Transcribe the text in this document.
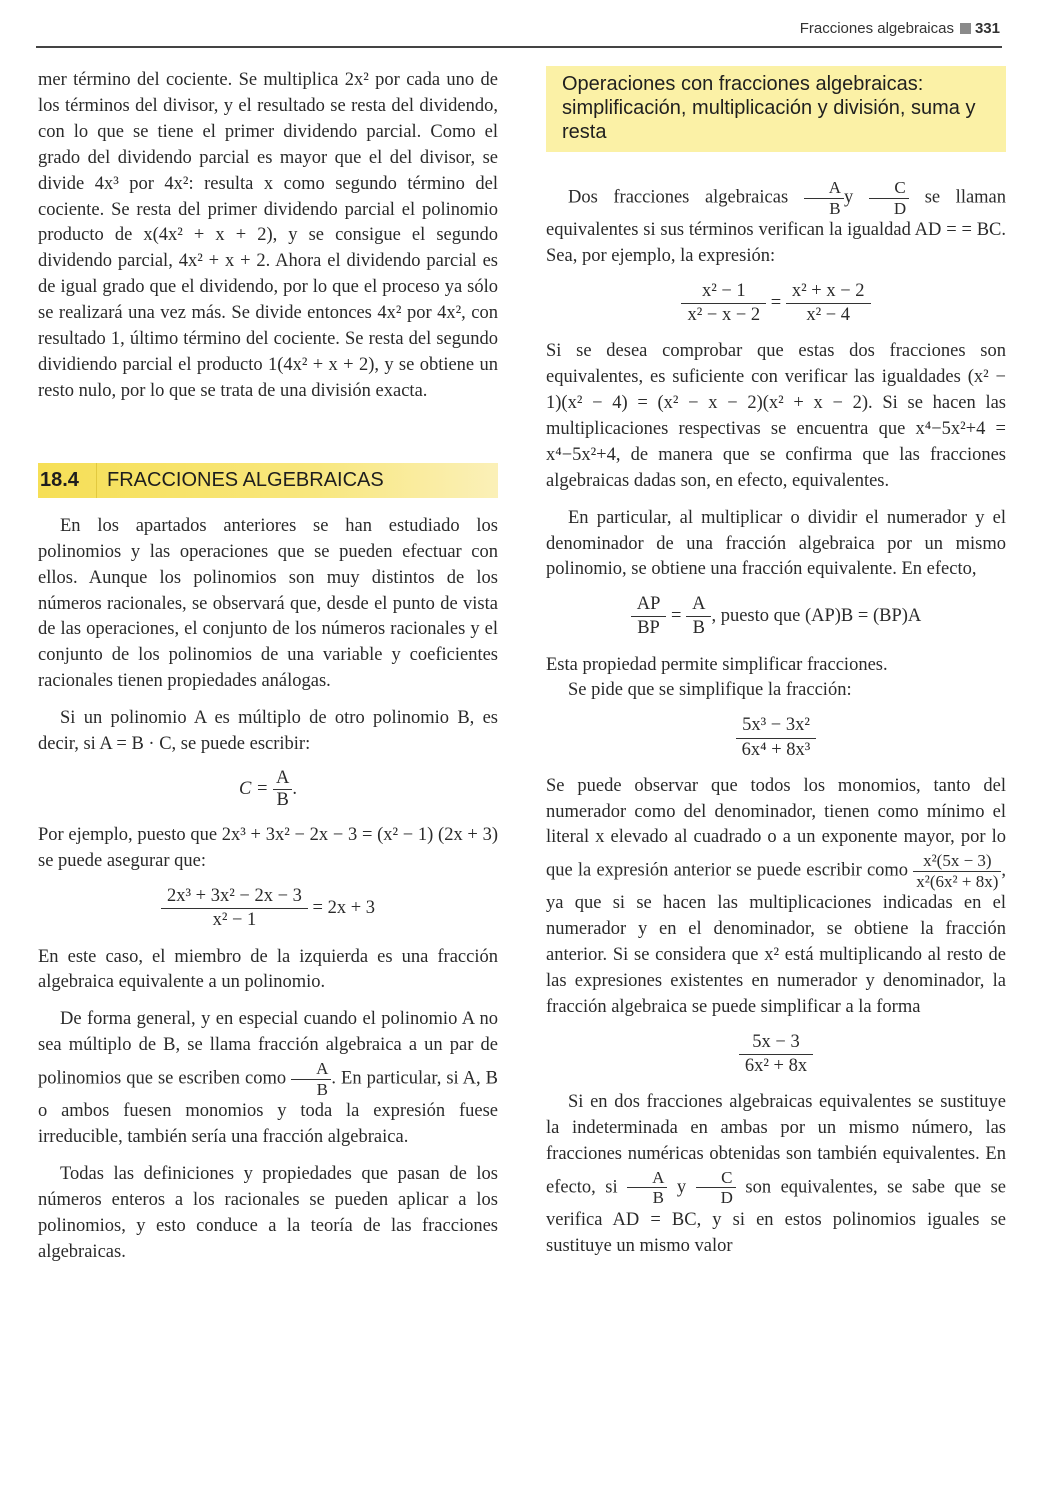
Fracciones algebraicas 331

mer término del cociente. Se multiplica 2x² por cada uno de los términos del divisor, y el resultado se resta del dividendo, con lo que se tiene el primer dividendo parcial. Como el grado del dividendo parcial es mayor que el del divisor, se divide 4x³ por 4x²: resulta x como segundo término del cociente. Se resta del primer dividendo parcial el polinomio producto de x(4x² + x + 2), y se consigue el segundo dividendo parcial, 4x² + x + 2. Ahora el dividendo parcial es de igual grado que el dividendo, por lo que el proceso ya sólo se realizará una vez más. Se divide entonces 4x² por 4x², con resultado 1, último término del cociente. Se resta del segundo dividiendo parcial el producto 1(4x² + x + 2), y se obtiene un resto nulo, por lo que se trata de una división exacta.

18.4 FRACCIONES ALGEBRAICAS

En los apartados anteriores se han estudiado los polinomios y las operaciones que se pueden efectuar con ellos. Aunque los polinomios son muy distintos de los números racionales, se observará que, desde el punto de vista de las operaciones, el conjunto de los números racionales y el conjunto de los polinomios de una variable y coeficientes racionales tienen propiedades análogas.

Si un polinomio A es múltiplo de otro polinomio B, es decir, si A = B · C, se puede escribir:

$C = \frac{A}{B}$ .

Por ejemplo, puesto que 2x³ + 3x² − 2x − 3 = (x² − 1) (2x + 3) se puede asegurar que:

$\frac{\text{2x³ + 3x² − 2x − 3}}{\text{x² − 1}} = 2x + 3$

En este caso, el miembro de la izquierda es una fracción algebraica equivalente a un polinomio.

De forma general, y en especial cuando el polinomio A no sea múltiplo de B, se llama fracción algebraica a un par de polinomios que se escriben como $\frac{A}{B}$ . En particular, si A, B o ambos fuesen monomios y toda la expresión fuese irreducible, también sería una fracción algebraica.

Todas las definiciones y propiedades que pasan de los números enteros a los racionales se pueden aplicar a los polinomios, y esto conduce a la teoría de las fracciones algebraicas.

Operaciones con fracciones algebraicas: simplificación, multiplicación y división, suma y resta

Dos fracciones algebraicas $\frac{A}{B}$ y $\frac{C}{D}$ se llaman equivalentes si sus términos verifican la igualdad AD = = BC. Sea, por ejemplo, la expresión:

$\frac{\text{x² − 1}}{\text{x² − x − 2}} = \frac{\text{x² + x − 2}}{\text{x² − 4}}$

Si se desea comprobar que estas dos fracciones son equivalentes, es suficiente con verificar las igualdades (x² − 1)(x² − 4) = (x² − x − 2)(x² + x − 2). Si se hacen las multiplicaciones respectivas se encuentra que x⁴−5x²+4 = x⁴−5x²+4, de manera que se confirma que las fracciones algebraicas dadas son, en efecto, equivalentes.

En particular, al multiplicar o dividir el numerador y el denominador de una fracción algebraica por un mismo polinomio, se obtiene una fracción equivalente. En efecto,

$\frac{AP}{BP} = \frac{A}{B}$ , puesto que (AP)B = (BP)A

Esta propiedad permite simplificar fracciones.

Se pide que se simplifique la fracción:

$\frac{\text{5x³ − 3x²}}{\text{6x⁴ + 8x³}}$

Se puede observar que todos los monomios, tanto del numerador como del denominador, tienen como mínimo el literal x elevado al cuadrado o a un exponente mayor, por lo que la expresión anterior se puede escribir como $\frac{\text{x²(5x − 3)}}{\text{x²(6x² + 8x)}}$ , ya que si se hacen las multiplicaciones indicadas en el numerador y en el denominador, se obtiene la fracción anterior. Si se considera que x² está multiplicando al resto de las expresiones existentes en numerador y denominador, la fracción algebraica se puede simplificar a la forma

$\frac{5x - 3}{\text{6x² + 8x}}$

Si en dos fracciones algebraicas equivalentes se sustituye la indeterminada en ambas por un mismo número, las fracciones numéricas obtenidas son también equivalentes. En efecto, si $\frac{A}{B}$ y $\frac{C}{D}$ son equivalentes, se sabe que se verifica AD = BC, y si en estos polinomios iguales se sustituye un mismo valor
